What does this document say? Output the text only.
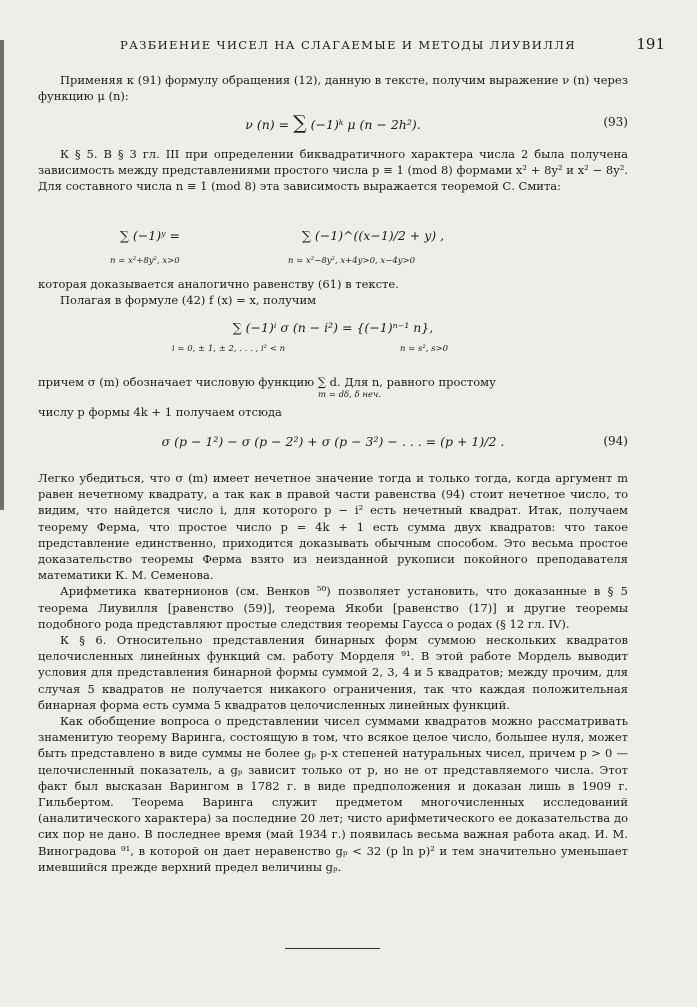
РАЗБИЕНИЕ ЧИСЕЛ НА СЛАГАЕМЫЕ И МЕТОДЫ ЛИУВИЛЛЯ	191

Применяя к (91) формулу обращения (12), данную в тексте, получим выражение ν (n) через функцию μ (n):

ν (n) = ∑ (−1)ᵏ μ (n − 2h²).	(93)

К § 5. В § 3 гл. III при определении биквадратичного характера числа 2 была получена зависимость между представлениями простого числа p ≡ 1 (mod 8) формами x² + 8y² и x² − 8y². Для составного числа n ≡ 1 (mod 8) эта зависимость выражается теоремой С. Смита:

∑ (−1)ʸ =	∑ (−1)^((x−1)/2 + y) ,
n = x²+8y², x>0	n = x²−8y², x+4y>0, x−4y>0

которая доказывается аналогично равенству (61) в тексте.

Полагая в формуле (42) f (x) = x, получим

∑ (−1)ⁱ σ (n − i²) = {(−1)ⁿ⁻¹ n},
i = 0, ± 1, ± 2, . . . , i² < n	n = s², s>0

причем σ (m) обозначает числовую функцию ∑ d. Для n, равного простому

m = dδ, δ неч.

числу p формы 4k + 1 получаем отсюда

σ (p − 1²) − σ (p − 2²) + σ (p − 3²) − . . . = (p + 1)/2 .	(94)

Легко убедиться, что σ (m) имеет нечетное значение тогда и только тогда, когда аргумент m равен нечетному квадрату, а так как в правой части равенства (94) стоит нечетное число, то видим, что найдется число i, для которого p − i² есть нечетный квадрат. Итак, получаем теорему Ферма, что простое число p = 4k + 1 есть сумма двух квадратов: что такое представление единственно, приходится доказывать обычным способом. Это весьма простое доказательство теоремы Ферма взято из неизданной рукописи покойного преподавателя математики К. М. Семенова.

Арифметика кватернионов (см. Венков ⁵⁰) позволяет установить, что доказанные в § 5 теорема Лиувилля [равенство (59)], теорема Якоби [равенство (17)] и другие теоремы подобного рода представляют простые следствия теоремы Гаусса о родах (§ 12 гл. IV).

К § 6. Относительно представления бинарных форм суммою нескольких квадратов целочисленных линейных функций см. работу Морделя ⁹¹. В этой работе Мордель выводит условия для представления бинарной формы суммой 2, 3, 4 и 5 квадратов; между прочим, для случая 5 квадратов не получается никакого ограничения, так что каждая положительная бинарная форма есть сумма 5 квадратов целочисленных линейных функций.

Как обобщение вопроса о представлении чисел суммами квадратов можно рассматривать знаменитую теорему Варинга, состоящую в том, что всякое целое число, большее нуля, может быть представлено в виде суммы не более gₚ p-х степеней натуральных чисел, причем p > 0 — целочисленный показатель, а gₚ зависит только от p, но не от представляемого числа. Этот факт был высказан Варингом в 1782 г. в виде предположения и доказан лишь в 1909 г. Гильбертом. Теорема Варинга служит предметом многочисленных исследований (аналитического характера) за последние 20 лет; чисто арифметического ее доказательства до сих пор не дано. В последнее время (май 1934 г.) появилась весьма важная работа акад. И. М. Виноградова ⁹¹, в которой он дает неравенство gₚ < 32 (p ln p)² и тем значительно уменьшает имевшийся прежде верхний предел величины gₚ.
